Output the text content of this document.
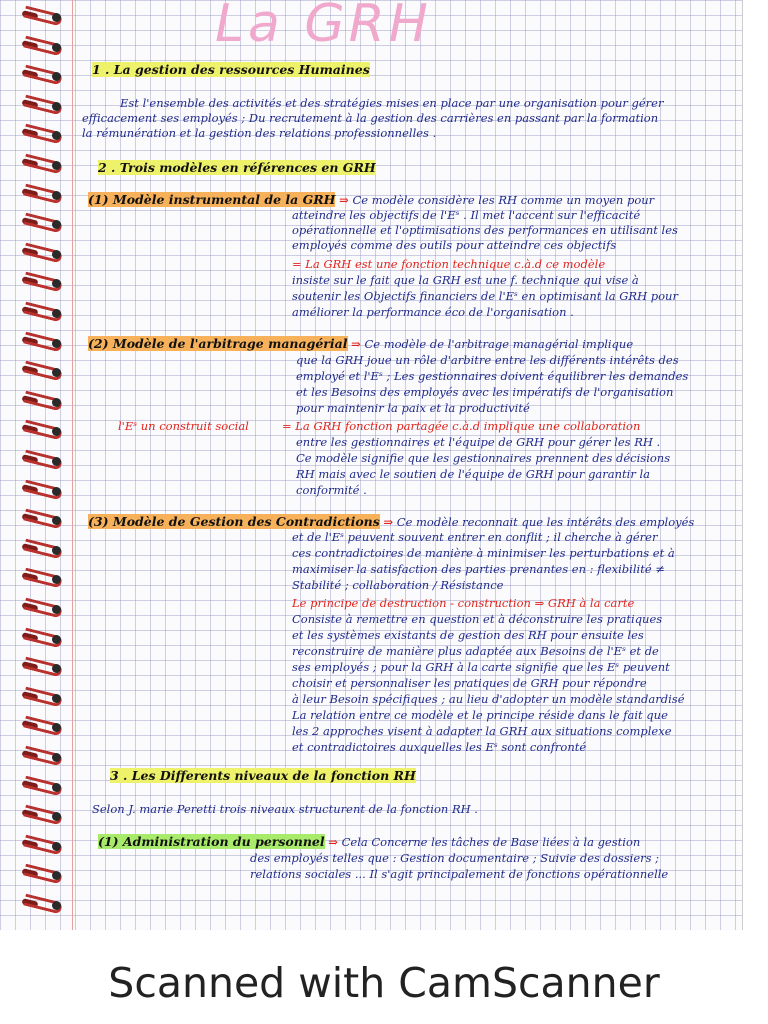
La GRH
1 . La gestion des ressources Humaines
Est l'ensemble des activités et des stratégies mises en place par une organisation pour gérer
efficacement ses employés ; Du recrutement à la gestion des carrières en passant par la formation
la rémunération et la gestion des relations professionnelles .
2 . Trois modèles en références en GRH
(1) Modèle instrumental de la GRH ⇒ Ce modèle considère les RH comme un moyen pour
atteindre les objectifs de l'Eˢ . Il met l'accent sur l'efficacité
opérationnelle et l'optimisations des performances en utilisant les
employés comme des outils pour atteindre ces objectifs
= La GRH est une fonction technique c.à.d ce modèle
insiste sur le fait que la GRH est une f. technique qui vise à
soutenir les Objectifs financiers de l'Eˢ en optimisant la GRH pour
améliorer la performance éco de l'organisation .
(2) Modèle de l'arbitrage managérial ⇒ Ce modèle de l'arbitrage managérial implique
que la GRH joue un rôle d'arbitre entre les différents intérêts des
employé et l'Eˢ ; Les gestionnaires doivent équilibrer les demandes
et les Besoins des employés avec les impératifs de l'organisation
pour maintenir la paix et la productivité
l'Eˢ un construit social	= La GRH fonction partagée c.à.d implique une collaboration
entre les gestionnaires et l'équipe de GRH pour gérer les RH .
Ce modèle signifie que les gestionnaires prennent des décisions
RH mais avec le soutien de l'équipe de GRH pour garantir la
conformité .
(3) Modèle de Gestion des Contradictions ⇒ Ce modèle reconnait que les intérêts des employés
et de l'Eˢ peuvent souvent entrer en conflit ; il cherche à gérer
ces contradictoires de manière à minimiser les perturbations et à
maximiser la satisfaction des parties prenantes en : flexibilité ≠
Stabilité ; collaboration / Résistance
Le principe de destruction - construction ⇒ GRH à la carte
Consiste à remettre en question et à déconstruire les pratiques
et les systèmes existants de gestion des RH pour ensuite les
reconstruire de manière plus adaptée aux Besoins de l'Eˢ et de
ses employés ; pour la GRH à la carte signifie que les Eˢ peuvent
choisir et personnaliser les pratiques de GRH pour répondre
à leur Besoin spécifiques ; au lieu d'adopter un modèle standardisé
La relation entre ce modèle et le principe réside dans le fait que
les 2 approches visent à adapter la GRH aux situations complexe
et contradictoires auxquelles les Eˢ sont confronté
3 . Les Differents niveaux de la fonction RH
Selon J. marie Peretti trois niveaux structurent de la fonction RH .
(1) Administration du personnel ⇒ Cela Concerne les tâches de Base liées à la gestion
des employés telles que : Gestion documentaire ; Suivie des dossiers ;
relations sociales ... Il s'agit principalement de fonctions opérationnelle
Scanned with CamScanner
